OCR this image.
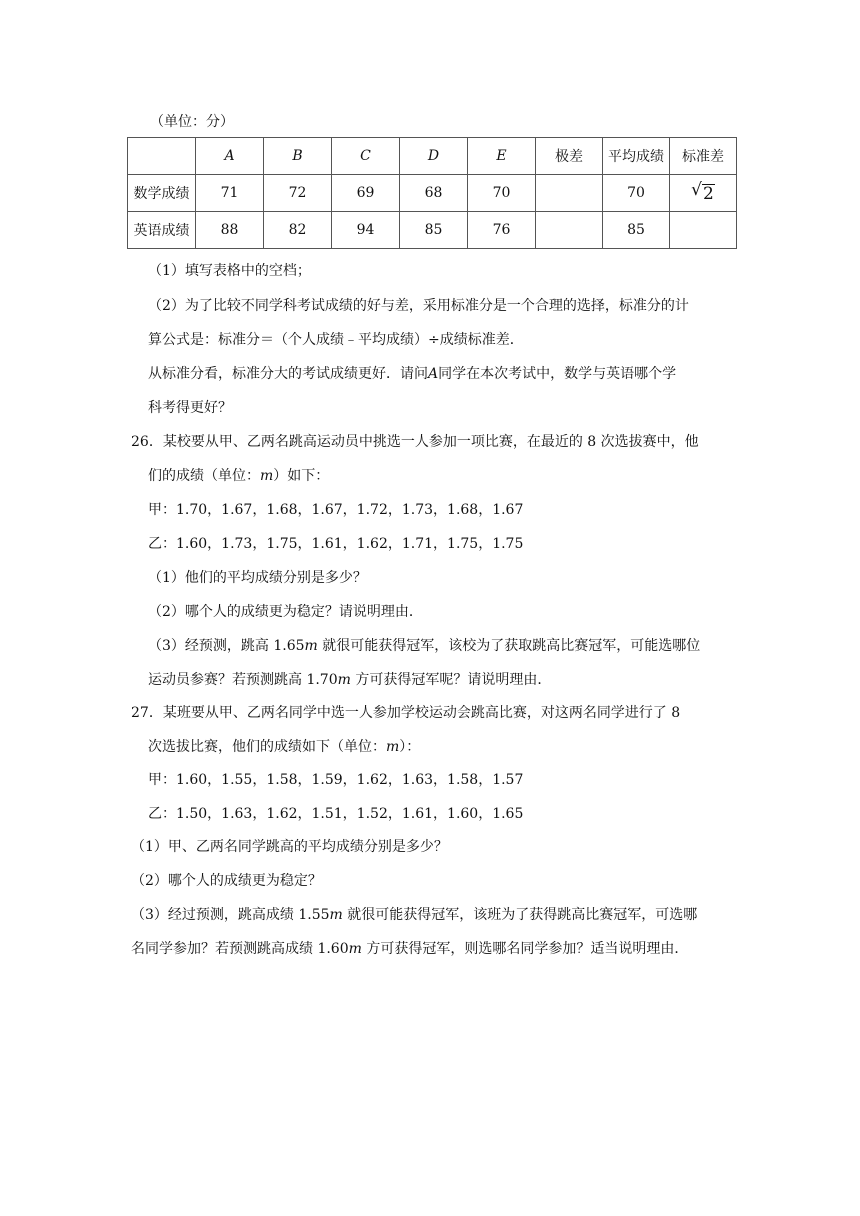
（单位：分）
	A	B	C	D	E	极差	平均成绩	标准差
数学成绩	71	72	69	68	70		70	√ 2

英语成绩	88	82	94	85	76		85	
（1）填写表格中的空档；
（2）为了比较不同学科考试成绩的好与差，采用标准分是一个合理的选择，标准分的计
算公式是：标准分＝（个人成绩﹣平均成绩）÷成绩标准差．
从标准分看，标准分大的考试成绩更好．请问A同学在本次考试中，数学与英语哪个学
科考得更好？
26．某校要从甲、乙两名跳高运动员中挑选一人参加一项比赛，在最近的 8 次选拔赛中，他
们的成绩（单位：m）如下：
甲：1.70，1.67，1.68，1.67，1.72，1.73，1.68，1.67
乙：1.60，1.73，1.75，1.61，1.62，1.71，1.75，1.75
（1）他们的平均成绩分别是多少？
（2）哪个人的成绩更为稳定？请说明理由．
（3）经预测，跳高 1.65m 就很可能获得冠军，该校为了获取跳高比赛冠军，可能选哪位
运动员参赛？若预测跳高 1.70m 方可获得冠军呢？请说明理由．
27．某班要从甲、乙两名同学中选一人参加学校运动会跳高比赛，对这两名同学进行了 8
次选拔比赛，他们的成绩如下（单位：m）：
甲：1.60，1.55，1.58，1.59，1.62，1.63，1.58，1.57
乙：1.50，1.63，1.62，1.51，1.52，1.61，1.60，1.65
（1）甲、乙两名同学跳高的平均成绩分别是多少？
（2）哪个人的成绩更为稳定？
（3）经过预测，跳高成绩 1.55m 就很可能获得冠军，该班为了获得跳高比赛冠军，可选哪
名同学参加？若预测跳高成绩 1.60m 方可获得冠军，则选哪名同学参加？适当说明理由．
